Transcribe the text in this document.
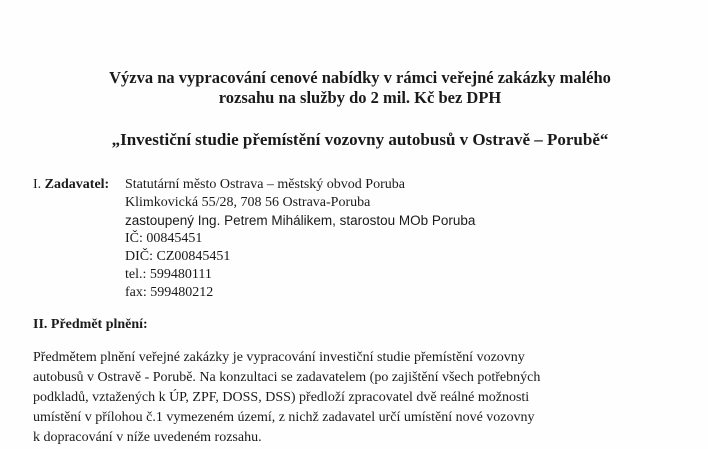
Výzva na vypracování cenové nabídky v rámci veřejné zakázky malého
rozsahu na služby do 2 mil. Kč bez DPH
„Investiční studie přemístění vozovny autobusů v Ostravě – Porubě“
I. Zadavatel: Statutární město Ostrava – městský obvod Poruba
Klimkovická 55/28, 708 56 Ostrava-Poruba
zastoupený Ing. Petrem Mihálikem, starostou MOb Poruba
IČ: 00845451
DIČ: CZ00845451
tel.: 599480111
fax: 599480212
II. Předmět plnění:
Předmětem plnění veřejné zakázky je vypracování investiční studie přemístění vozovny
autobusů v Ostravě - Porubě. Na konzultaci se zadavatelem (po zajištění všech potřebných
podkladů, vztažených k ÚP, ZPF, DOSS, DSS) předloží zpracovatel dvě reálné možnosti
umístění v přílohou č.1 vymezeném území, z nichž zadavatel určí umístění nové vozovny
k dopracování v níže uvedeném rozsahu.
